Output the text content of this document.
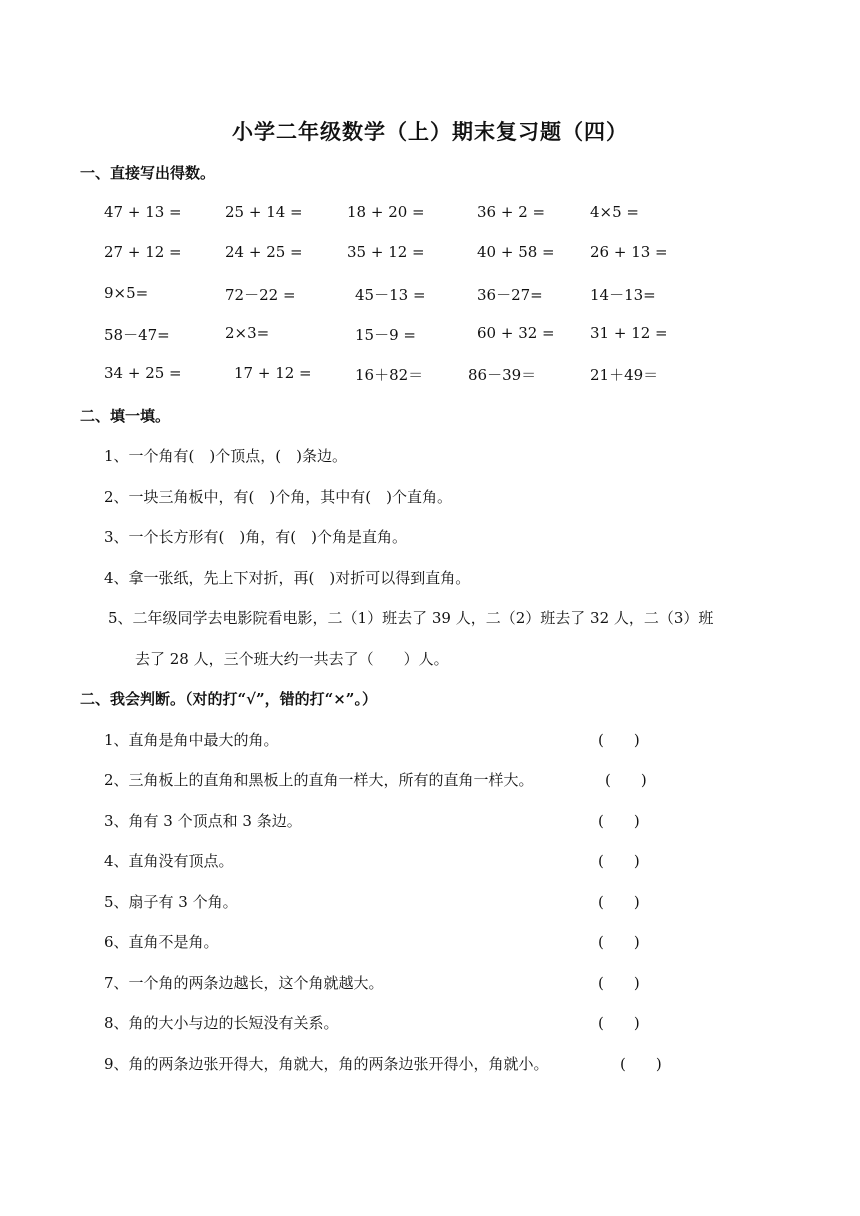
小学二年级数学（上）期末复习题（四）
一、直接写出得数。
47 + 13 =	25 + 14 =	18 + 20 =	36 + 2 =	4×5 =
27 + 12 =	24 + 25 =	35 + 12 =	40 + 58 = 26 + 13 =
9×5=	72－22 =	45－13 =	36－27=	14－13=
58－47=	2×3=	15－9 =	60 + 32 = 31 + 12 =
34 + 25 =	17 + 12 =	16＋82＝	86－39＝	21＋49＝
二、填一填。
1、一个角有(　)个顶点，(　)条边。
2、一块三角板中，有(　)个角，其中有(　)个直角。
3、一个长方形有(　)角，有(　)个角是直角。
4、拿一张纸，先上下对折，再(　)对折可以得到直角。
5、二年级同学去电影院看电影，二（1）班去了 39 人，二（2）班去了 32 人，二（3）班
去了 28 人，三个班大约一共去了（　　）人。
二、我会判断。（对的打“√”，错的打“×”。）
1、直角是角中最大的角。	(　　)
2、三角板上的直角和黑板上的直角一样大，所有的直角一样大。	(　　)
3、角有 3 个顶点和 3 条边。	(　　)
4、直角没有顶点。	(　　)
5、扇子有 3 个角。	(　　)
6、直角不是角。	(　　)
7、一个角的两条边越长，这个角就越大。	(　　)
8、角的大小与边的长短没有关系。	(　　)
9、角的两条边张开得大，角就大，角的两条边张开得小，角就小。	(　　)
